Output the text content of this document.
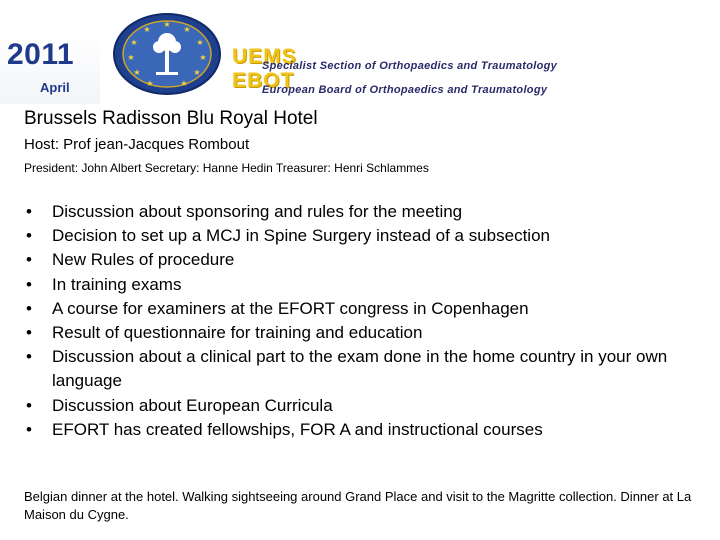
2011
April
★
★
★
★
★
★
★
★
★
★
★
UEMS
Specialist Section of Orthopaedics and Traumatology
EBOT
European Board of Orthopaedics and Traumatology
Brussels Radisson Blu Royal Hotel
Host: Prof jean-Jacques Rombout
President: John Albert Secretary: Hanne Hedin Treasurer: Henri Schlammes
• Discussion about sponsoring and rules for the meeting
• Decision to set up a MCJ in Spine Surgery instead of a subsection
• New Rules of procedure
• In training exams
• A course for examiners at the EFORT congress in Copenhagen
• Result of questionnaire for training and education
• Discussion about a clinical part to the exam done in the home country in your own language
• Discussion about European Curricula
• EFORT has created fellowships, FOR A and instructional courses
Belgian dinner at the hotel. Walking sightseeing around Grand Place and visit to the Magritte collection. Dinner at La Maison du Cygne.
